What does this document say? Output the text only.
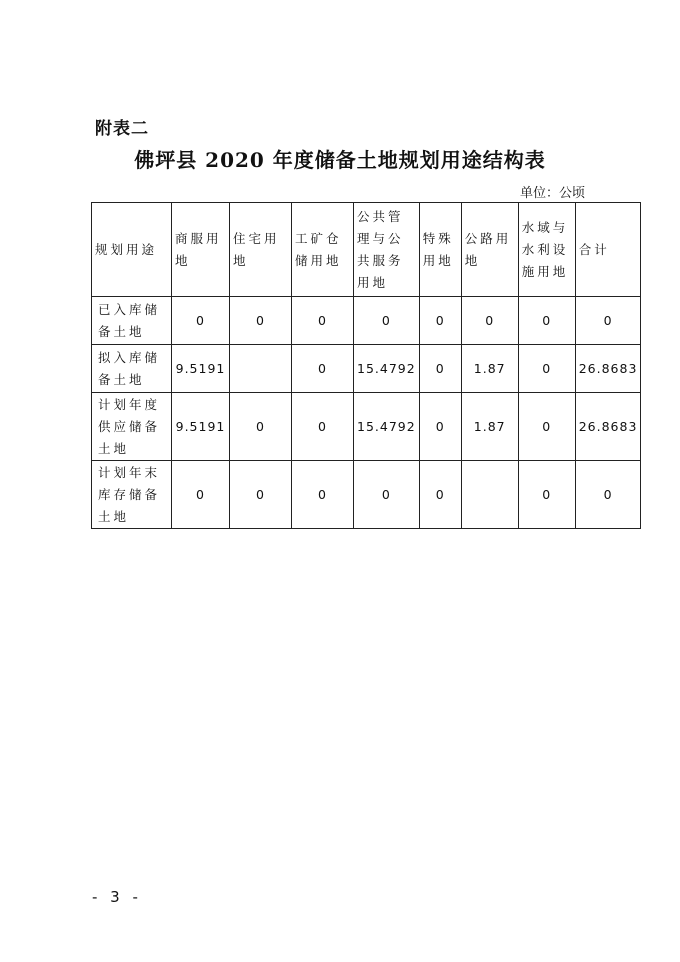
附表二
佛坪县 2020 年度储备土地规划用途结构表
单位：公顷
规划用途	商服用地	住宅用地	工矿仓储用地	公共管理与公共服务用地	特殊用地	公路用地	水域与水利设施用地	合计
已入库储备土地	0	0	0	0	0	0	0	0
拟入库储备土地	9.5191		0	15.4792	0	1.87	0	26.8683
计划年度供应储备土地	9.5191	0	0	15.4792	0	1.87	0	26.8683
计划年末库存储备土地	0	0	0	0	0		0	0
- 3 -
